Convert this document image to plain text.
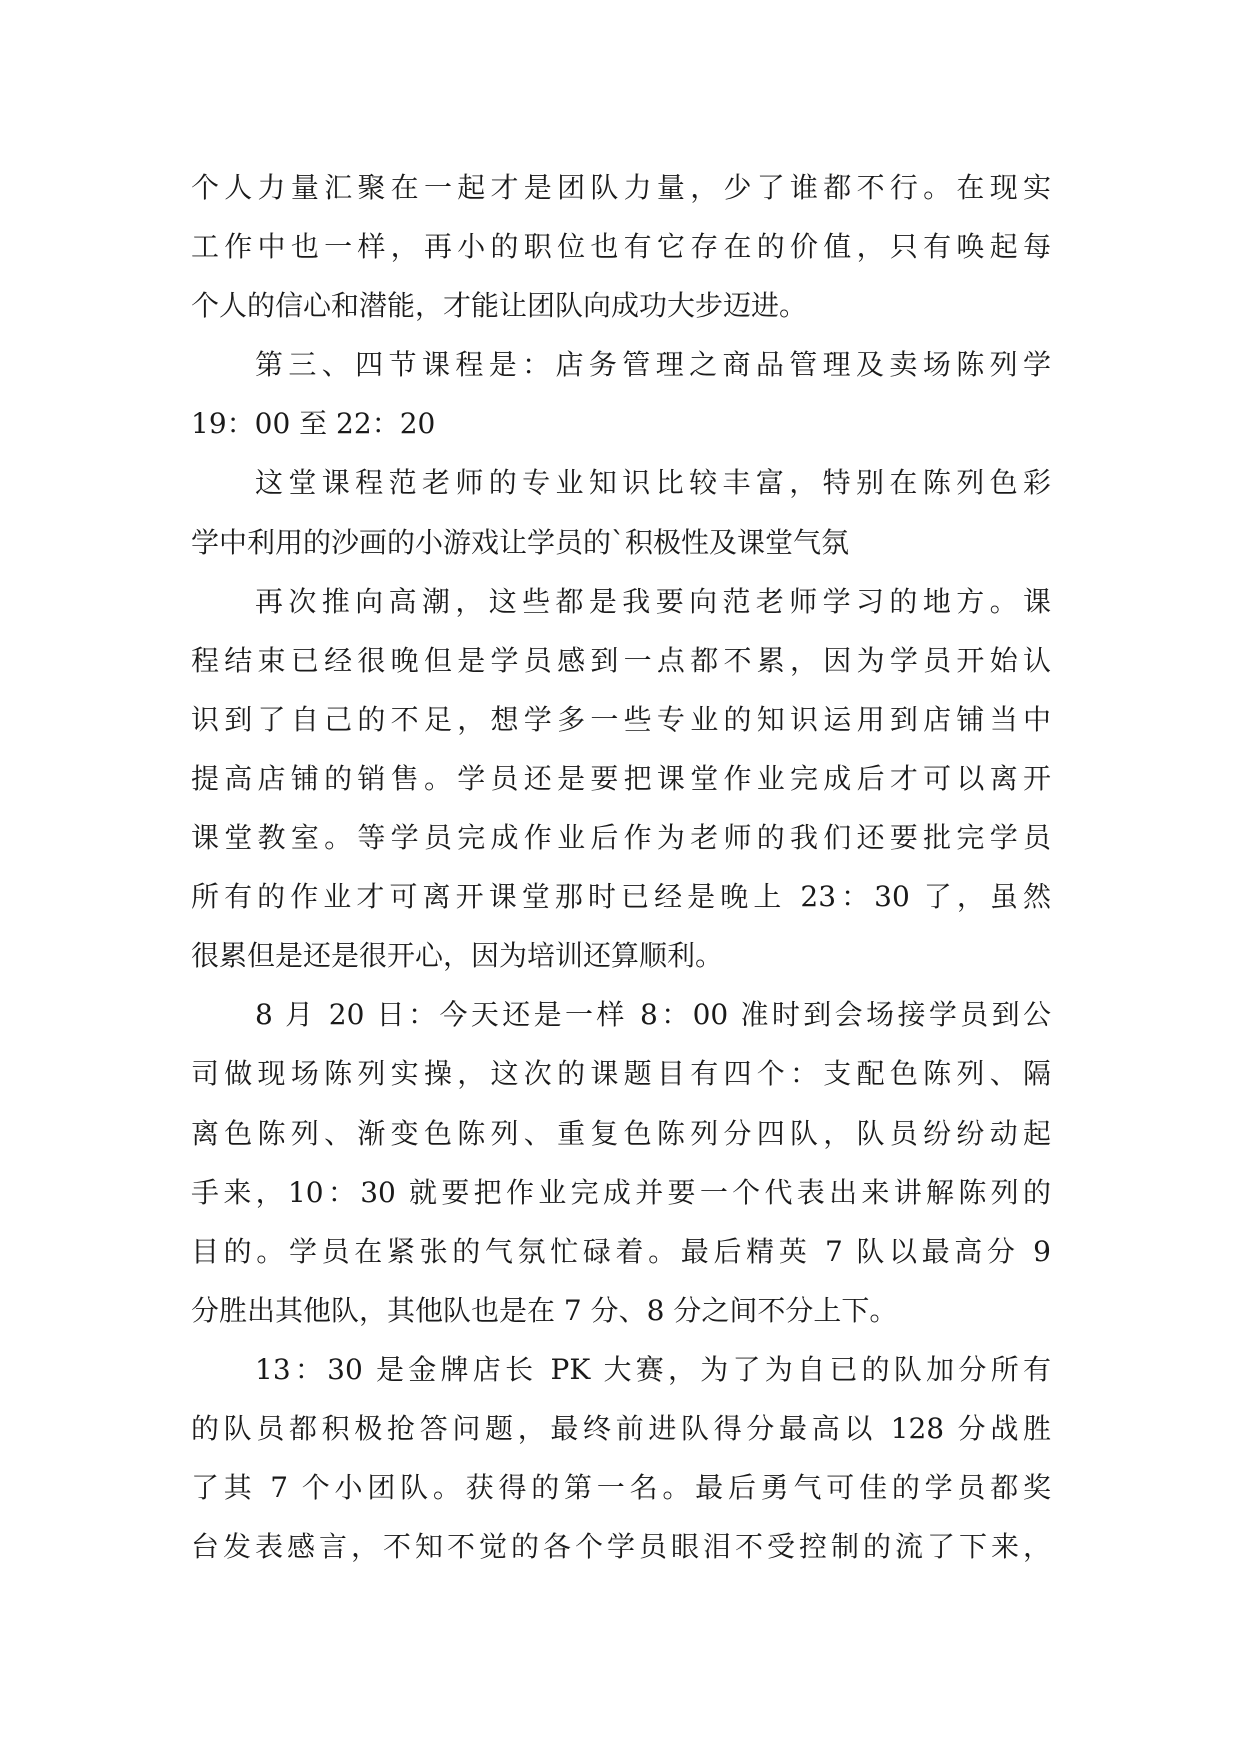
个人力量汇聚在一起才是团队力量，少了谁都不行。在现实
工作中也一样，再小的职位也有它存在的价值，只有唤起每
个人的信心和潜能，才能让团队向成功大步迈进。
第三、四节课程是：店务管理之商品管理及卖场陈列学
19：00 至 22：20
这堂课程范老师的专业知识比较丰富，特别在陈列色彩
学中利用的沙画的小游戏让学员的`积极性及课堂气氛
再次推向高潮，这些都是我要向范老师学习的地方。课
程结束已经很晚但是学员感到一点都不累，因为学员开始认
识到了自己的不足，想学多一些专业的知识运用到店铺当中
提高店铺的销售。学员还是要把课堂作业完成后才可以离开
课堂教室。等学员完成作业后作为老师的我们还要批完学员
所有的作业才可离开课堂那时已经是晚上 23：30 了，虽然
很累但是还是很开心，因为培训还算顺利。
8 月 20 日：今天还是一样 8：00 准时到会场接学员到公
司做现场陈列实操，这次的课题目有四个：支配色陈列、隔
离色陈列、渐变色陈列、重复色陈列分四队，队员纷纷动起
手来，10：30 就要把作业完成并要一个代表出来讲解陈列的
目的。学员在紧张的气氛忙碌着。最后精英 7 队以最高分 9
分胜出其他队，其他队也是在 7 分、8 分之间不分上下。
13：30 是金牌店长 PK 大赛，为了为自已的队加分所有
的队员都积极抢答问题，最终前进队得分最高以 128 分战胜
了其 7 个小团队。获得的第一名。最后勇气可佳的学员都奖
台发表感言，不知不觉的各个学员眼泪不受控制的流了下来，
